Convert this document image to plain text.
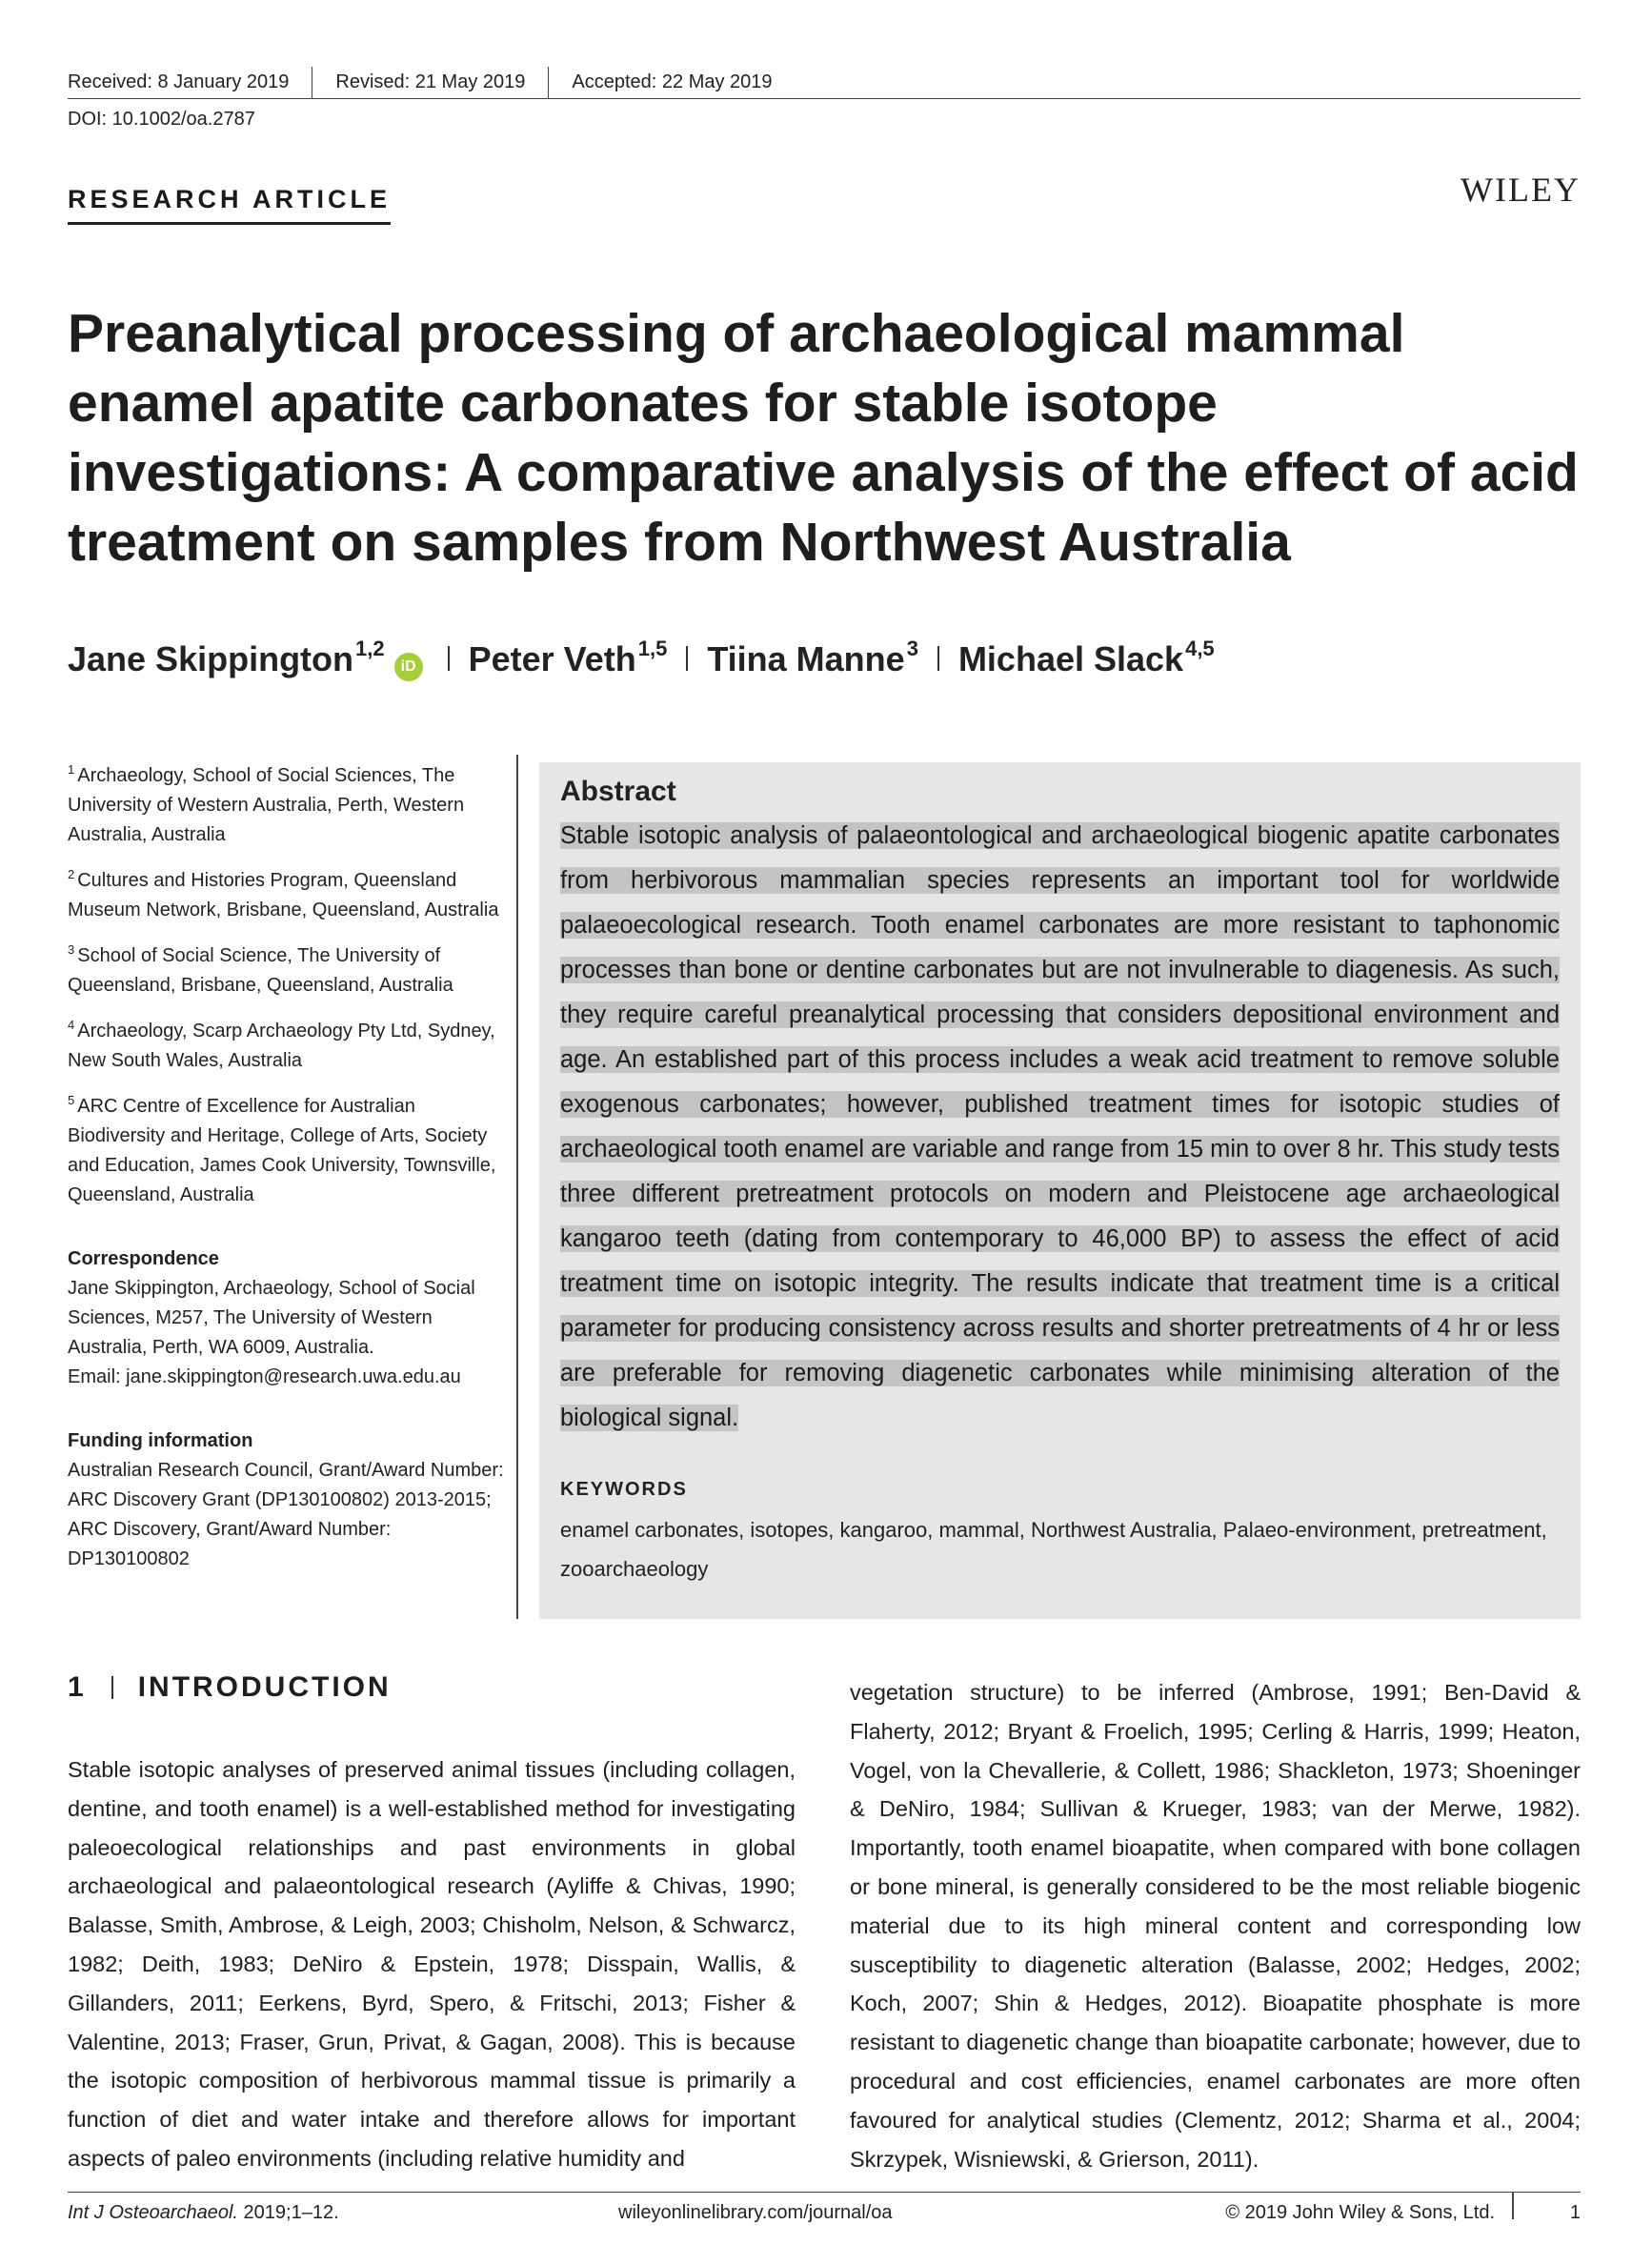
Received: 8 January 2019	Revised: 21 May 2019	Accepted: 22 May 2019
DOI: 10.1002/oa.2787
RESEARCH ARTICLE	WILEY
Preanalytical processing of archaeological mammal enamel apatite carbonates for stable isotope investigations: A comparative analysis of the effect of acid treatment on samples from Northwest Australia
Jane Skippington$^{1,2}$
iD Peter Veth$^{1,5}$ Tiina Manne$^3$ Michael Slack$^{4,5}$
$^1$ Archaeology, School of Social Sciences, The University of Western Australia, Perth, Western Australia, Australia
$^2$ Cultures and Histories Program, Queensland Museum Network, Brisbane, Queensland, Australia
$^3$ School of Social Science, The University of Queensland, Brisbane, Queensland, Australia
$^4$ Archaeology, Scarp Archaeology Pty Ltd, Sydney, New South Wales, Australia
$^5$ ARC Centre of Excellence for Australian Biodiversity and Heritage, College of Arts, Society and Education, James Cook University, Townsville, Queensland, Australia
Correspondence
Jane Skippington, Archaeology, School of Social Sciences, M257, The University of Western Australia, Perth, WA 6009, Australia.
Email: jane.skippington@research.uwa.edu.au
Funding information
Australian Research Council, Grant/Award Number: ARC Discovery Grant (DP130100802) 2013-2015; ARC Discovery, Grant/Award Number: DP130100802
Abstract

Stable isotopic analysis of palaeontological and archaeological biogenic apatite carbonates from herbivorous mammalian species represents an important tool for worldwide palaeoecological research. Tooth enamel carbonates are more resistant to taphonomic processes than bone or dentine carbonates but are not invulnerable to diagenesis. As such, they require careful preanalytical processing that considers depositional environment and age. An established part of this process includes a weak acid treatment to remove soluble exogenous carbonates; however, published treatment times for isotopic studies of archaeological tooth enamel are variable and range from 15 min to over 8 hr. This study tests three different pretreatment protocols on modern and Pleistocene age archaeological kangaroo teeth (dating from contemporary to 46,000 BP) to assess the effect of acid treatment time on isotopic integrity. The results indicate that treatment time is a critical parameter for producing consistency across results and shorter pretreatments of 4 hr or less are preferable for removing diagenetic carbonates while minimising alteration of the biological signal.

KEYWORDS
enamel carbonates, isotopes, kangaroo, mammal, Northwest Australia, Palaeo-environment, pretreatment, zooarchaeology
1 INTRODUCTION

Stable isotopic analyses of preserved animal tissues (including collagen, dentine, and tooth enamel) is a well-established method for investigating paleoecological relationships and past environments in global archaeological and palaeontological research (Ayliffe & Chivas, 1990; Balasse, Smith, Ambrose, & Leigh, 2003; Chisholm, Nelson, & Schwarcz, 1982; Deith, 1983; DeNiro & Epstein, 1978; Disspain, Wallis, & Gillanders, 2011; Eerkens, Byrd, Spero, & Fritschi, 2013; Fisher & Valentine, 2013; Fraser, Grun, Privat, & Gagan, 2008). This is because the isotopic composition of herbivorous mammal tissue is primarily a function of diet and water intake and therefore allows for important aspects of paleo environments (including relative humidity and

vegetation structure) to be inferred (Ambrose, 1991; Ben-David & Flaherty, 2012; Bryant & Froelich, 1995; Cerling & Harris, 1999; Heaton, Vogel, von la Chevallerie, & Collett, 1986; Shackleton, 1973; Shoeninger & DeNiro, 1984; Sullivan & Krueger, 1983; van der Merwe, 1982). Importantly, tooth enamel bioapatite, when compared with bone collagen or bone mineral, is generally considered to be the most reliable biogenic material due to its high mineral content and corresponding low susceptibility to diagenetic alteration (Balasse, 2002; Hedges, 2002; Koch, 2007; Shin & Hedges, 2012). Bioapatite phosphate is more resistant to diagenetic change than bioapatite carbonate; however, due to procedural and cost efficiencies, enamel carbonates are more often favoured for analytical studies (Clementz, 2012; Sharma et al., 2004; Skrzypek, Wisniewski, & Grierson, 2011).

Int J Osteoarchaeol. 2019;1–12.	wileyonlinelibrary.com/journal/oa	© 2019 John Wiley & Sons, Ltd.	1
